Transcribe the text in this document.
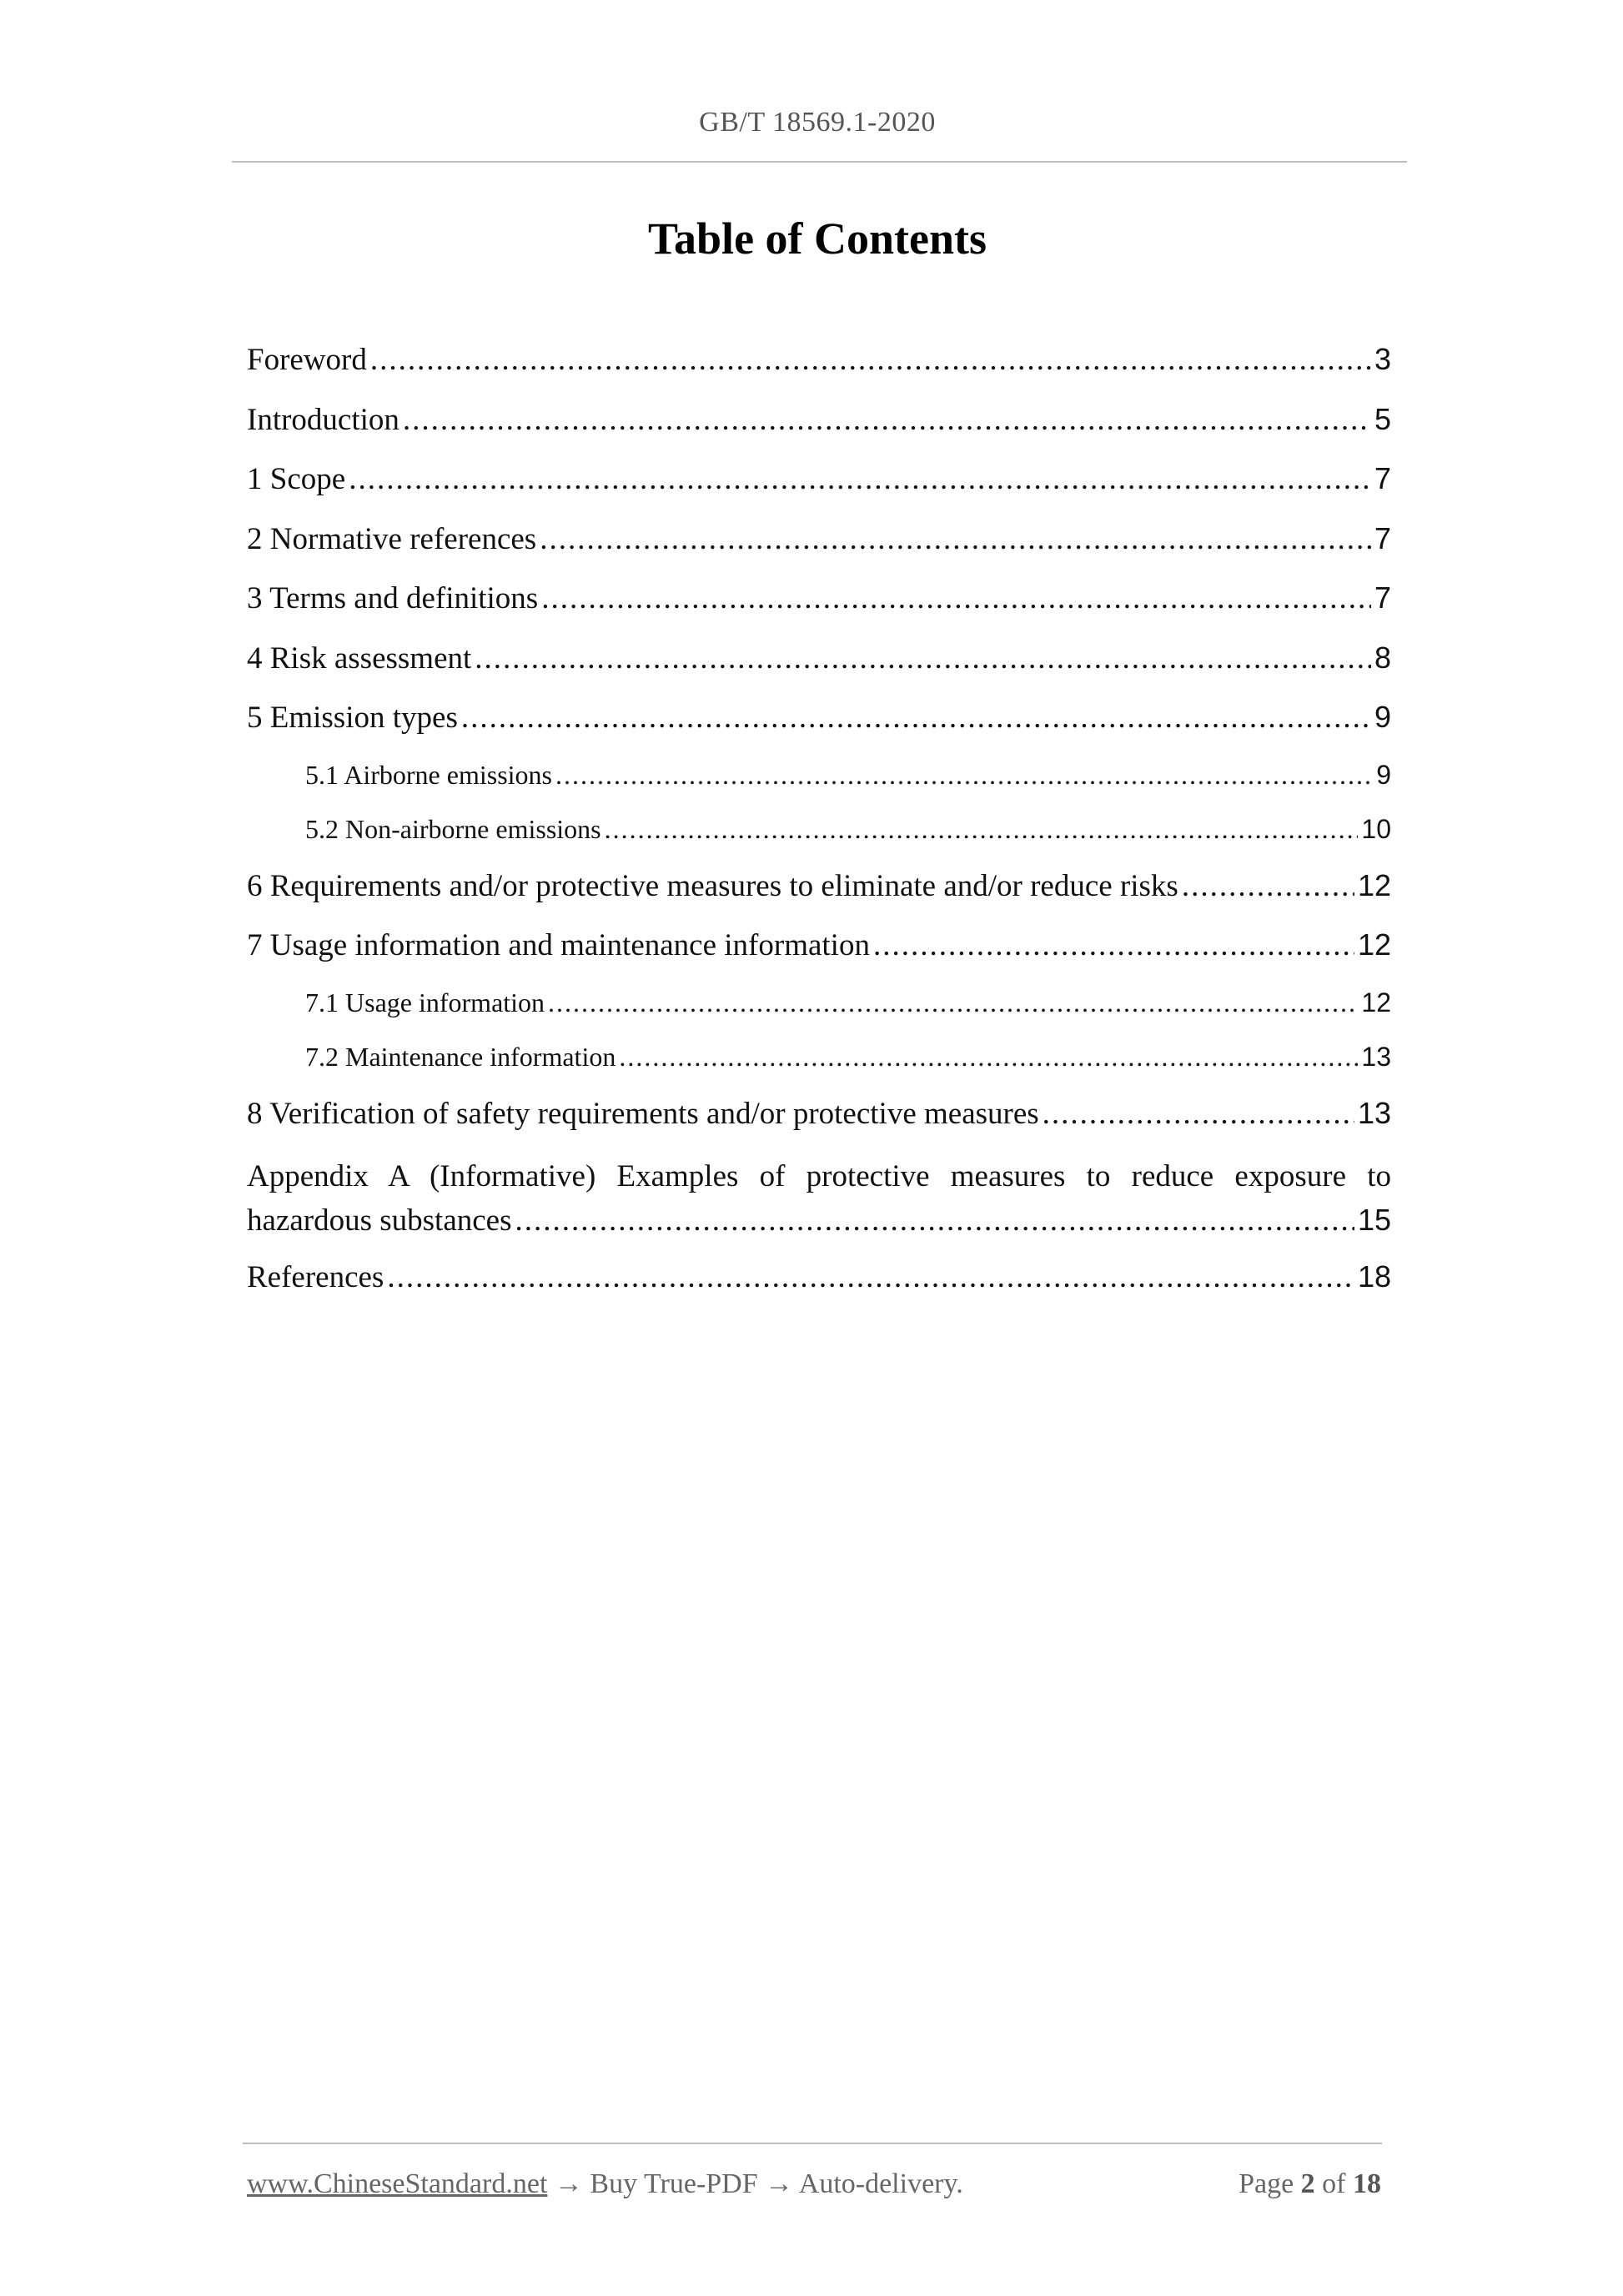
GB/T 18569.1-2020
Table of Contents
Foreword .....	3
Introduction .....	5
1 Scope .....	7
2 Normative references .....	7
3 Terms and definitions .....	7
4 Risk assessment .....	8
5 Emission types .....	9
5.1 Airborne emissions .....	9
5.2 Non-airborne emissions .....	10
6 Requirements and/or protective measures to eliminate and/or reduce risks .....	12
7 Usage information and maintenance information .....	12
7.1 Usage information .....	12
7.2 Maintenance information .....	13
8 Verification of safety requirements and/or protective measures .....	13
Appendix A (Informative) Examples of protective measures to reduce exposure to
hazardous substances .....	15
References .....	18
www.ChineseStandard.net → Buy True-PDF → Auto-delivery.	Page 2 of 18
